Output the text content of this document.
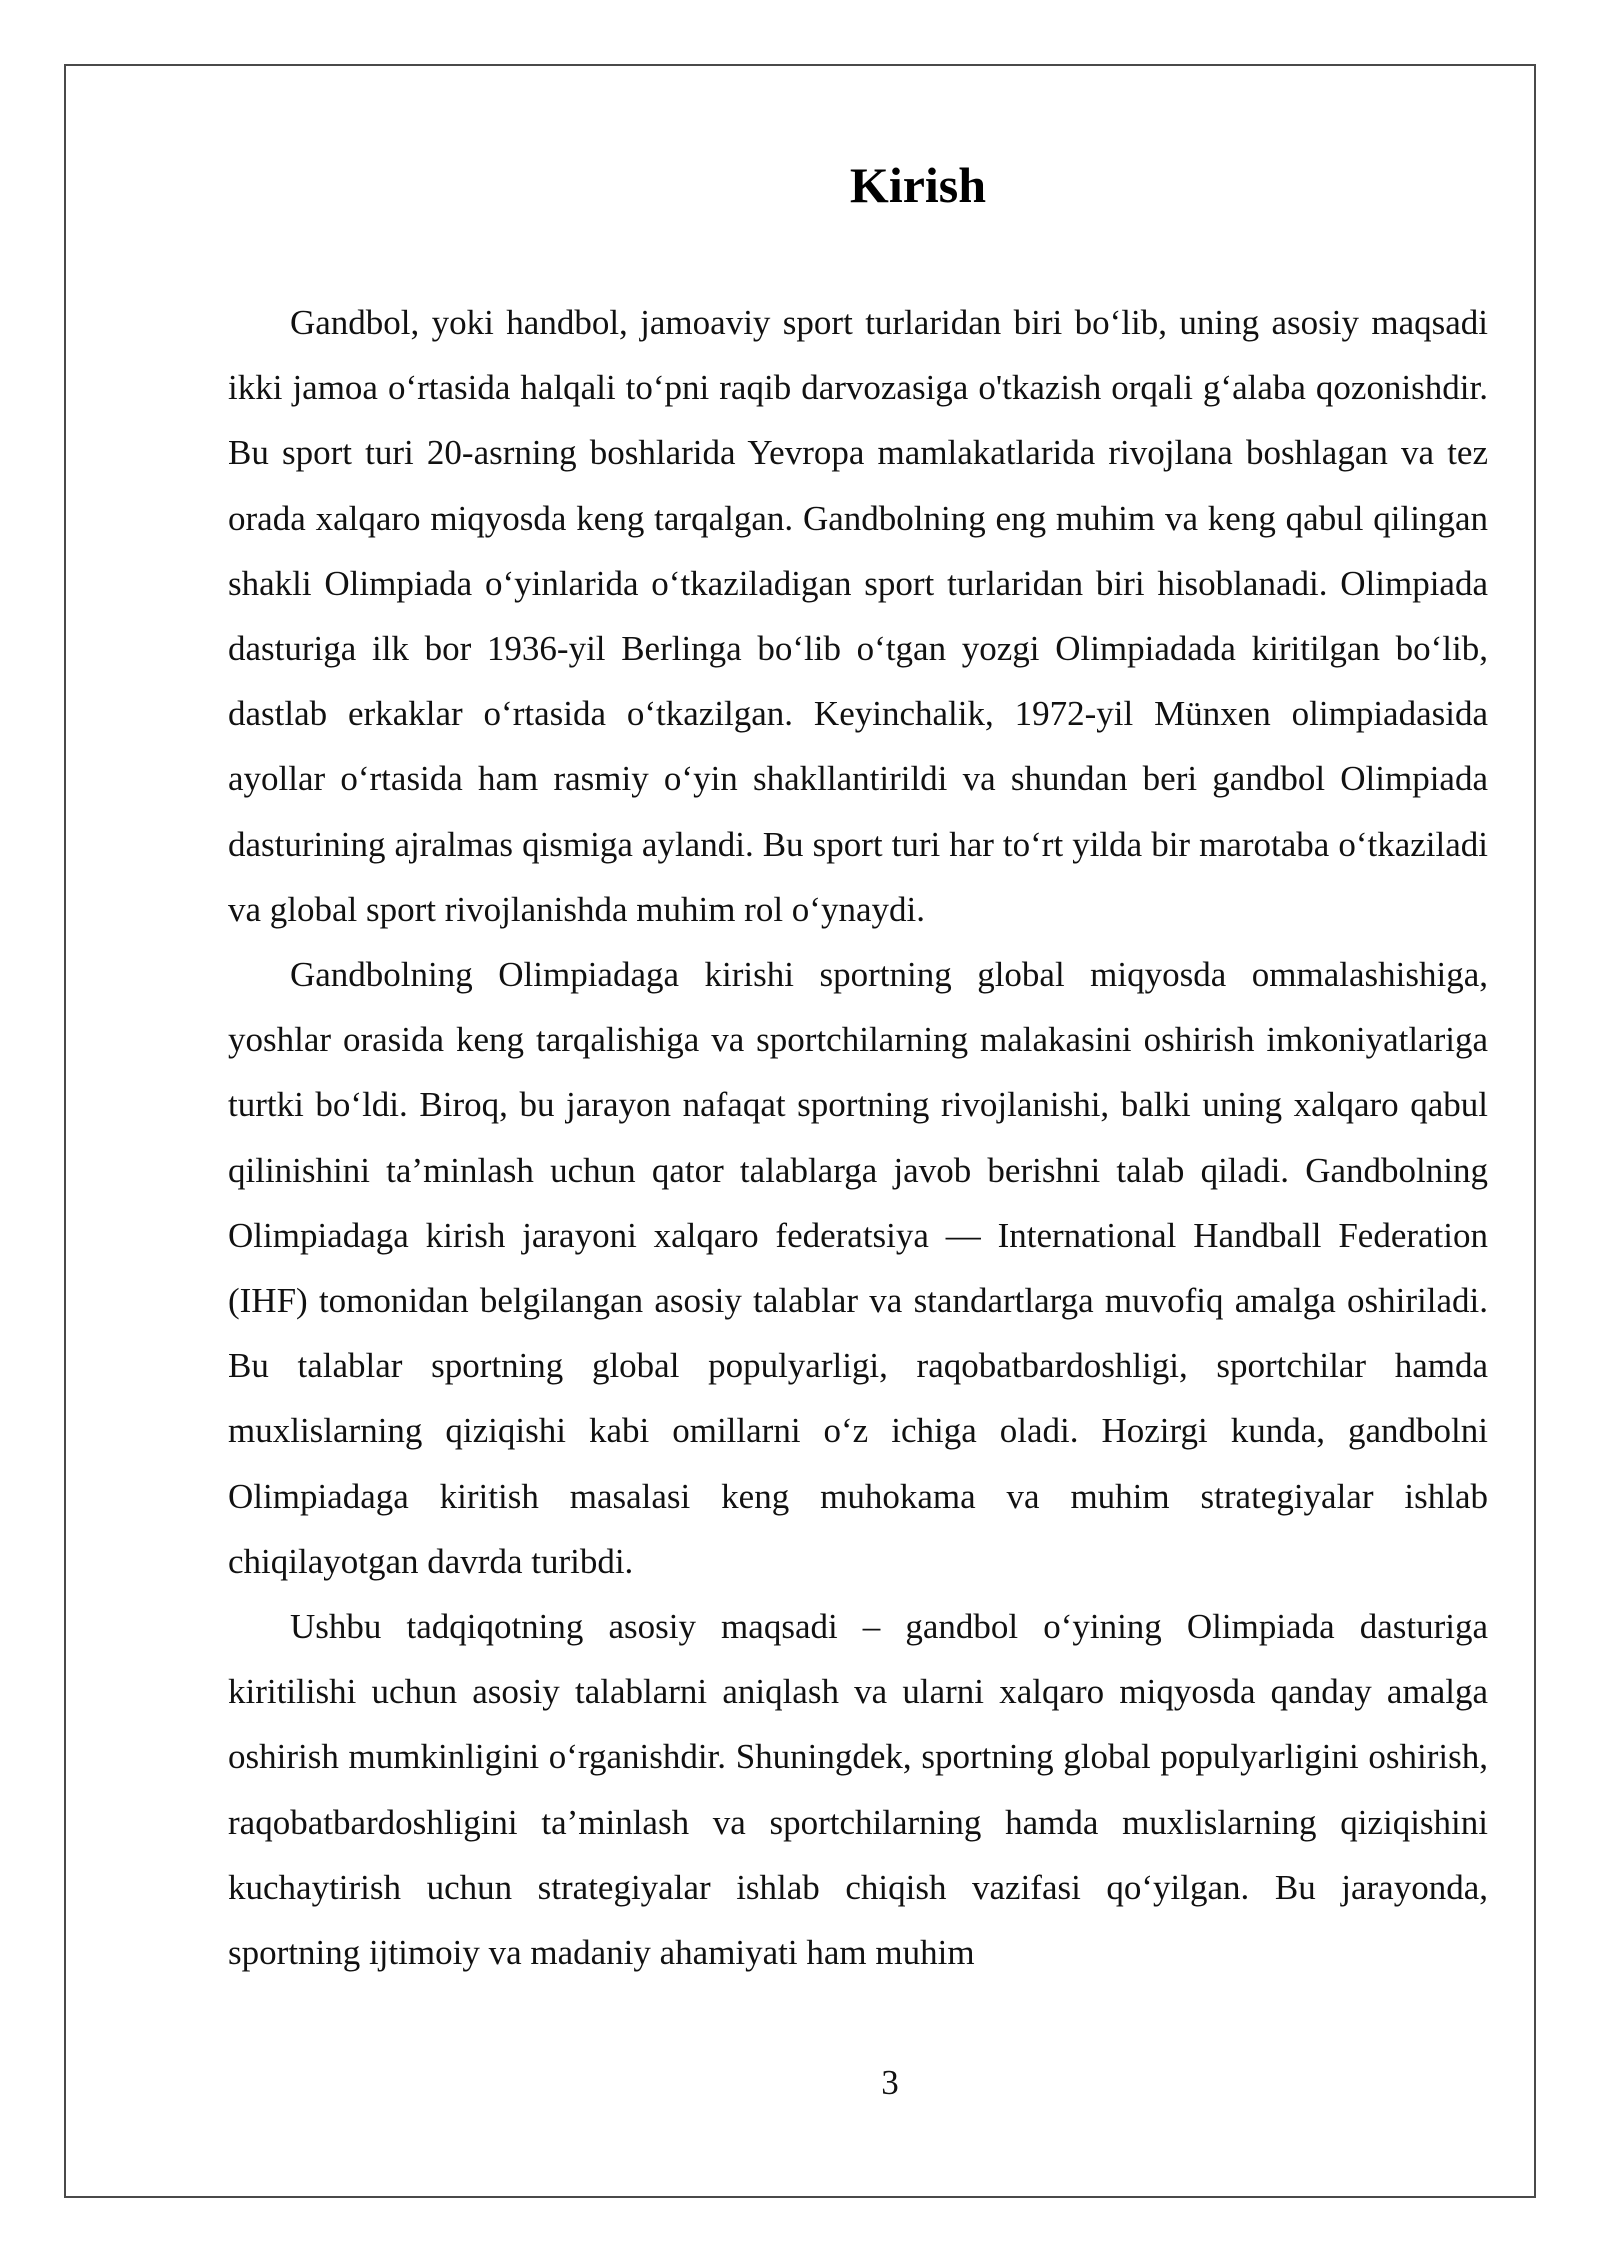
Kirish

Gandbol, yoki handbol, jamoaviy sport turlaridan biri bo‘lib, uning asosiy maqsadi ikki jamoa o‘rtasida halqali to‘pni raqib darvozasiga o'tkazish orqali g‘alaba qozonishdir. Bu sport turi 20-asrning boshlarida Yevropa mamlakatlarida rivojlana boshlagan va tez orada xalqaro miqyosda keng tarqalgan. Gandbolning eng muhim va keng qabul qilingan shakli Olimpiada o‘yinlarida o‘tkaziladigan sport turlaridan biri hisoblanadi. Olimpiada dasturiga ilk bor 1936-yil Berlinga bo‘lib o‘tgan yozgi Olimpiadada kiritilgan bo‘lib, dastlab erkaklar o‘rtasida o‘tkazilgan. Keyinchalik, 1972-yil Münxen olimpiadasida ayollar o‘rtasida ham rasmiy o‘yin shakllantirildi va shundan beri gandbol Olimpiada dasturining ajralmas qismiga aylandi. Bu sport turi har to‘rt yilda bir marotaba o‘tkaziladi va global sport rivojlanishda muhim rol o‘ynaydi.

Gandbolning Olimpiadaga kirishi sportning global miqyosda ommalashishiga, yoshlar orasida keng tarqalishiga va sportchilarning malakasini oshirish imkoniyatlariga turtki bo‘ldi. Biroq, bu jarayon nafaqat sportning rivojlanishi, balki uning xalqaro qabul qilinishini ta’minlash uchun qator talablarga javob berishni talab qiladi. Gandbolning Olimpiadaga kirish jarayoni xalqaro federatsiya — International Handball Federation (IHF) tomonidan belgilangan asosiy talablar va standartlarga muvofiq amalga oshiriladi. Bu talablar sportning global populyarligi, raqobatbardoshligi, sportchilar hamda muxlislarning qiziqishi kabi omillarni o‘z ichiga oladi. Hozirgi kunda, gandbolni Olimpiadaga kiritish masalasi keng muhokama va muhim strategiyalar ishlab chiqilayotgan davrda turibdi.

Ushbu tadqiqotning asosiy maqsadi – gandbol o‘yining Olimpiada dasturiga kiritilishi uchun asosiy talablarni aniqlash va ularni xalqaro miqyosda qanday amalga oshirish mumkinligini o‘rganishdir. Shuningdek, sportning global populyarligini oshirish, raqobatbardoshligini ta’minlash va sportchilarning hamda muxlislarning qiziqishini kuchaytirish uchun strategiyalar ishlab chiqish vazifasi qo‘yilgan. Bu jarayonda, sportning ijtimoiy va madaniy ahamiyati ham muhim

3
